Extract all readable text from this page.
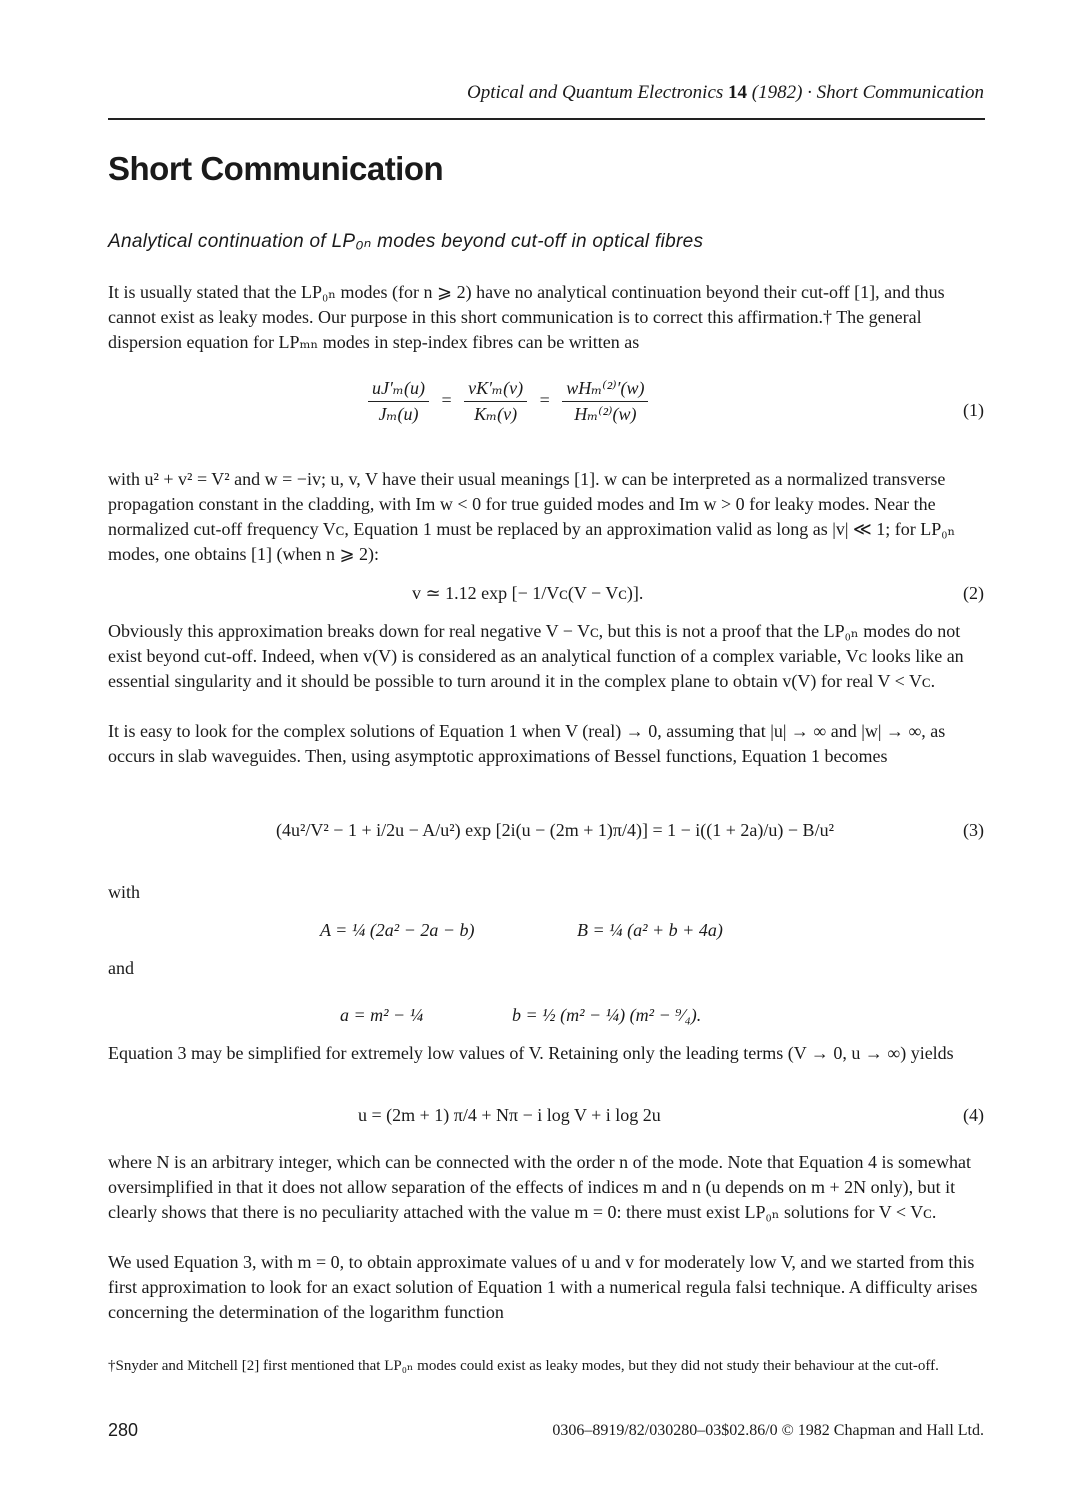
Optical and Quantum Electronics 14 (1982) · Short Communication
Short Communication
Analytical continuation of LP₀ₙ modes beyond cut-off in optical fibres
It is usually stated that the LP₀ₙ modes (for n ⩾ 2) have no analytical continuation beyond their cut-off [1], and thus cannot exist as leaky modes. Our purpose in this short communication is to correct this affirmation.† The general dispersion equation for LPₘₙ modes in step-index fibres can be written as
$\frac{\text{uJ′ₘ(u)}}{\text{Jₘ(u)}} = \frac{\text{vK′ₘ(v)}}{\text{Kₘ(v)}} = \frac{\text{wHₘ⁽²⁾′(w)}}{\text{Hₘ⁽²⁾(w)}}$	(1)
with u² + v² = V² and w = −iv; u, v, V have their usual meanings [1]. w can be interpreted as a normalized transverse propagation constant in the cladding, with Im w < 0 for true guided modes and Im w > 0 for leaky modes. Near the normalized cut-off frequency Vᴄ, Equation 1 must be replaced by an approximation valid as long as |v| ≪ 1; for LP₀ₙ modes, one obtains [1] (when n ⩾ 2):
v ≃ 1.12 exp [− 1/Vᴄ(V − Vᴄ)].	(2)
Obviously this approximation breaks down for real negative V − Vᴄ, but this is not a proof that the LP₀ₙ modes do not exist beyond cut-off. Indeed, when v(V) is considered as an analytical function of a complex variable, Vᴄ looks like an essential singularity and it should be possible to turn around it in the complex plane to obtain v(V) for real V < Vᴄ.
It is easy to look for the complex solutions of Equation 1 when V (real) → 0, assuming that |u| → ∞ and |w| → ∞, as occurs in slab waveguides. Then, using asymptotic approximations of Bessel functions, Equation 1 becomes
(4u²/V² − 1 + i/2u − A/u²) exp [2i(u − (2m + 1)π/4)] = 1 − i((1 + 2a)/u) − B/u²	(3)
with
A = ¼ (2a² − 2a − b)	B = ¼ (a² + b + 4a)
and
a = m² − ¼	b = ½ (m² − ¼) (m² − ⁹⁄₄).
Equation 3 may be simplified for extremely low values of V. Retaining only the leading terms (V → 0, u → ∞) yields
u = (2m + 1) π/4 + Nπ − i log V + i log 2u	(4)
where N is an arbitrary integer, which can be connected with the order n of the mode. Note that Equation 4 is somewhat oversimplified in that it does not allow separation of the effects of indices m and n (u depends on m + 2N only), but it clearly shows that there is no peculiarity attached with the value m = 0: there must exist LP₀ₙ solutions for V < Vᴄ.
We used Equation 3, with m = 0, to obtain approximate values of u and v for moderately low V, and we started from this first approximation to look for an exact solution of Equation 1 with a numerical regula falsi technique. A difficulty arises concerning the determination of the logarithm function
†Snyder and Mitchell [2] first mentioned that LP₀ₙ modes could exist as leaky modes, but they did not study their behaviour at the cut-off.
280	0306–8919/82/030280–03$02.86/0 © 1982 Chapman and Hall Ltd.
